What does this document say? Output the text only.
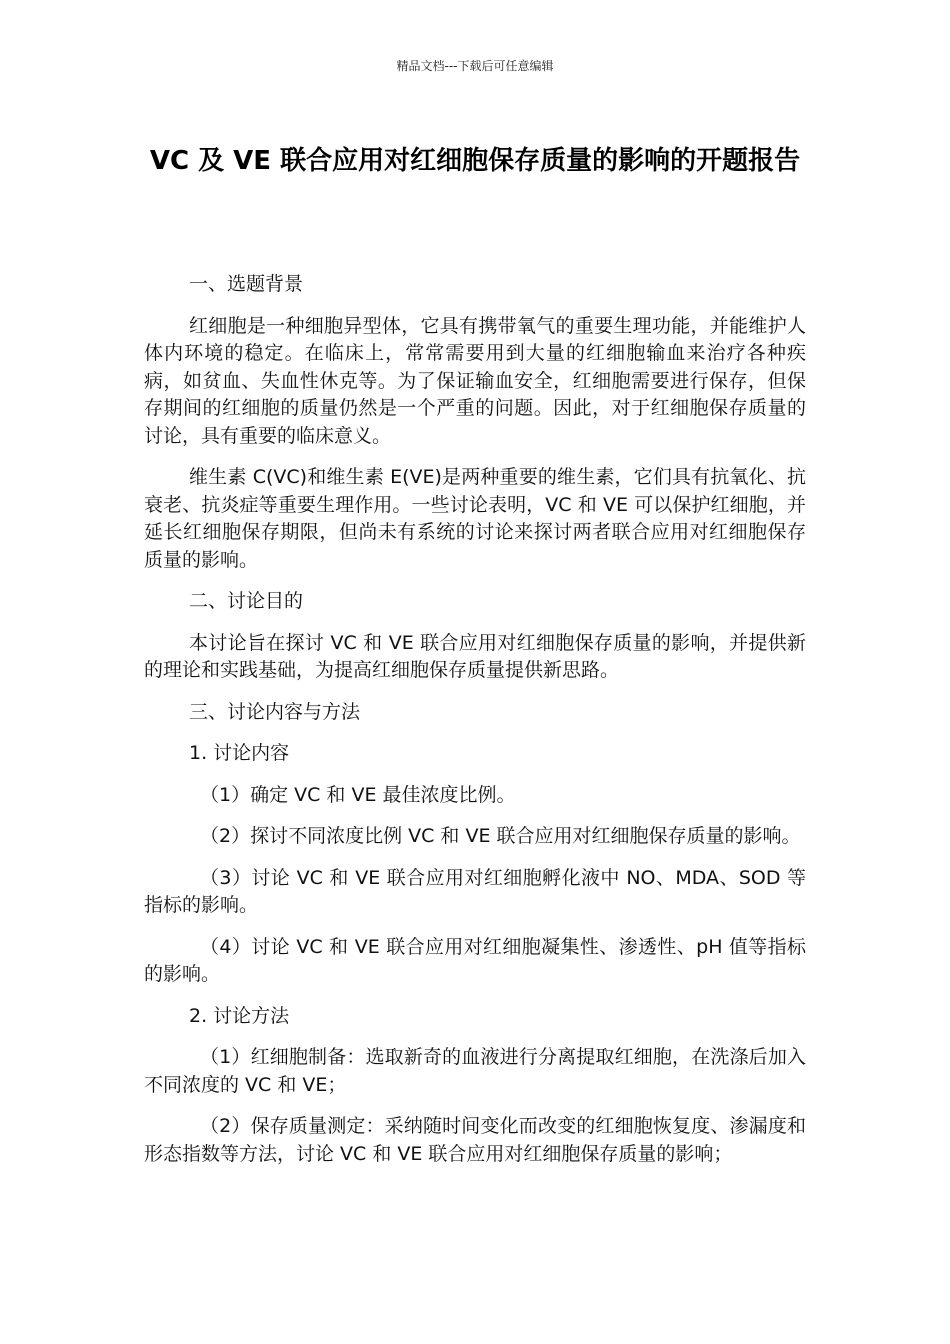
精品文档---下载后可任意编辑
VC 及 VE 联合应用对红细胞保存质量的影响的开题报告

一、选题背景

红细胞是一种细胞异型体，它具有携带氧气的重要生理功能，并能维护人体内环境的稳定。在临床上，常常需要用到大量的红细胞输血来治疗各种疾病，如贫血、失血性休克等。为了保证输血安全，红细胞需要进行保存，但保存期间的红细胞的质量仍然是一个严重的问题。因此，对于红细胞保存质量的讨论，具有重要的临床意义。

维生素 C(VC)和维生素 E(VE)是两种重要的维生素，它们具有抗氧化、抗衰老、抗炎症等重要生理作用。一些讨论表明，VC 和 VE 可以保护红细胞，并延长红细胞保存期限，但尚未有系统的讨论来探讨两者联合应用对红细胞保存质量的影响。

二、讨论目的

本讨论旨在探讨 VC 和 VE 联合应用对红细胞保存质量的影响，并提供新的理论和实践基础，为提高红细胞保存质量提供新思路。

三、讨论内容与方法

1. 讨论内容

（1）确定 VC 和 VE 最佳浓度比例。

（2）探讨不同浓度比例 VC 和 VE 联合应用对红细胞保存质量的影响。

（3）讨论 VC 和 VE 联合应用对红细胞孵化液中 NO、MDA、SOD 等指标的影响。

（4）讨论 VC 和 VE 联合应用对红细胞凝集性、渗透性、pH 值等指标的影响。

2. 讨论方法

（1）红细胞制备：选取新奇的血液进行分离提取红细胞，在洗涤后加入不同浓度的 VC 和 VE；

（2）保存质量测定：采纳随时间变化而改变的红细胞恢复度、渗漏度和形态指数等方法，讨论 VC 和 VE 联合应用对红细胞保存质量的影响；
